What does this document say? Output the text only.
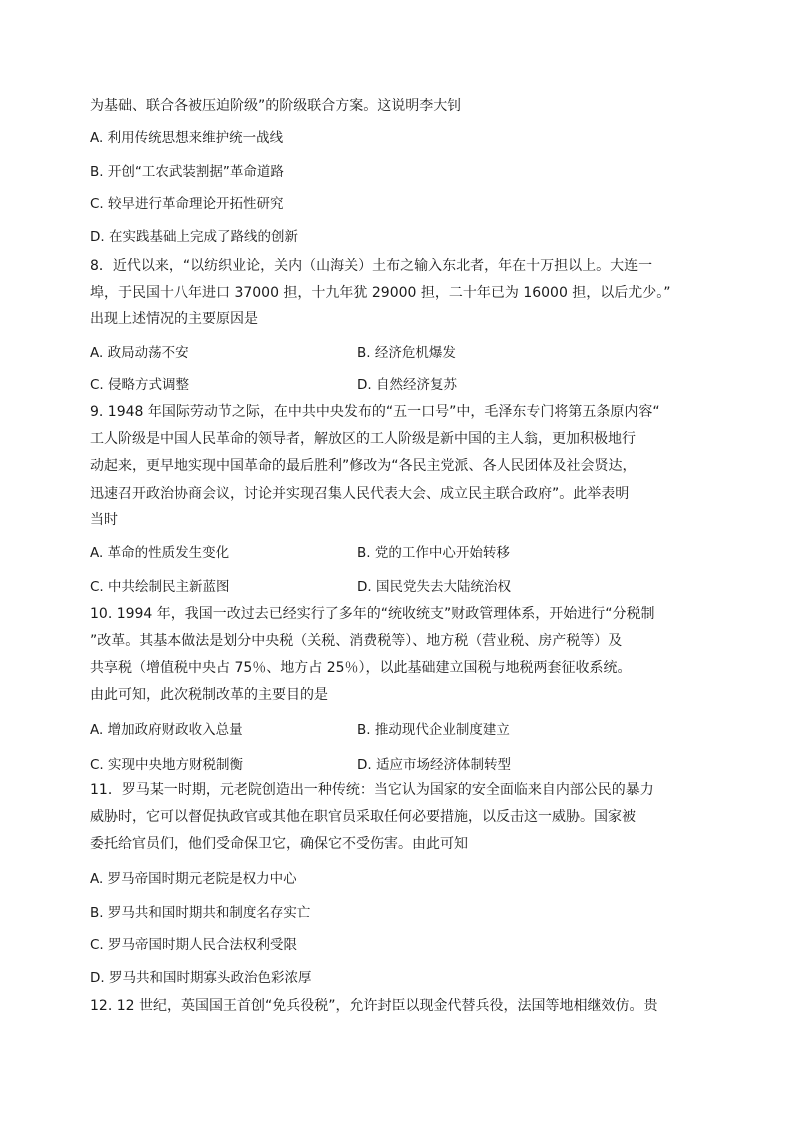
为基础、联合各被压迫阶级”的阶级联合方案。这说明李大钊
A. 利用传统思想来维护统一战线
B. 开创“工农武装割据”革命道路
C. 较早进行革命理论开拓性研究
D. 在实践基础上完成了路线的创新
8．近代以来，“以纺织业论，关内（山海关）土布之输入东北者，年在十万担以上。大连一
埠，于民国十八年进口 37000 担，十九年犹 29000 担，二十年已为 16000 担，以后尤少。”
出现上述情况的主要原因是
A. 政局动荡不安	B. 经济危机爆发
C. 侵略方式调整	D. 自然经济复苏
9. 1948 年国际劳动节之际，在中共中央发布的“五一口号”中，毛泽东专门将第五条原内容“
工人阶级是中国人民革命的领导者，解放区的工人阶级是新中国的主人翁，更加积极地行
动起来，更早地实现中国革命的最后胜利”修改为“各民主党派、各人民团体及社会贤达，
迅速召开政治协商会议，讨论并实现召集人民代表大会、成立民主联合政府”。此举表明
当时
A. 革命的性质发生变化	B. 党的工作中心开始转移
C. 中共绘制民主新蓝图	D. 国民党失去大陆统治权
10. 1994 年，我国一改过去已经实行了多年的“统收统支”财政管理体系，开始进行“分税制
”改革。其基本做法是划分中央税（关税、消费税等）、地方税（营业税、房产税等）及
共享税（增值税中央占 75％、地方占 25％），以此基础建立国税与地税两套征收系统。
由此可知，此次税制改革的主要目的是
A. 增加政府财政收入总量	B. 推动现代企业制度建立
C. 实现中央地方财税制衡	D. 适应市场经济体制转型
11．罗马某一时期，元老院创造出一种传统：当它认为国家的安全面临来自内部公民的暴力
威胁时，它可以督促执政官或其他在职官员采取任何必要措施，以反击这一威胁。国家被
委托给官员们，他们受命保卫它，确保它不受伤害。由此可知
A. 罗马帝国时期元老院是权力中心
B. 罗马共和国时期共和制度名存实亡
C. 罗马帝国时期人民合法权利受限
D. 罗马共和国时期寡头政治色彩浓厚
12. 12 世纪，英国国王首创“免兵役税”，允许封臣以现金代替兵役，法国等地相继效仿。贵
